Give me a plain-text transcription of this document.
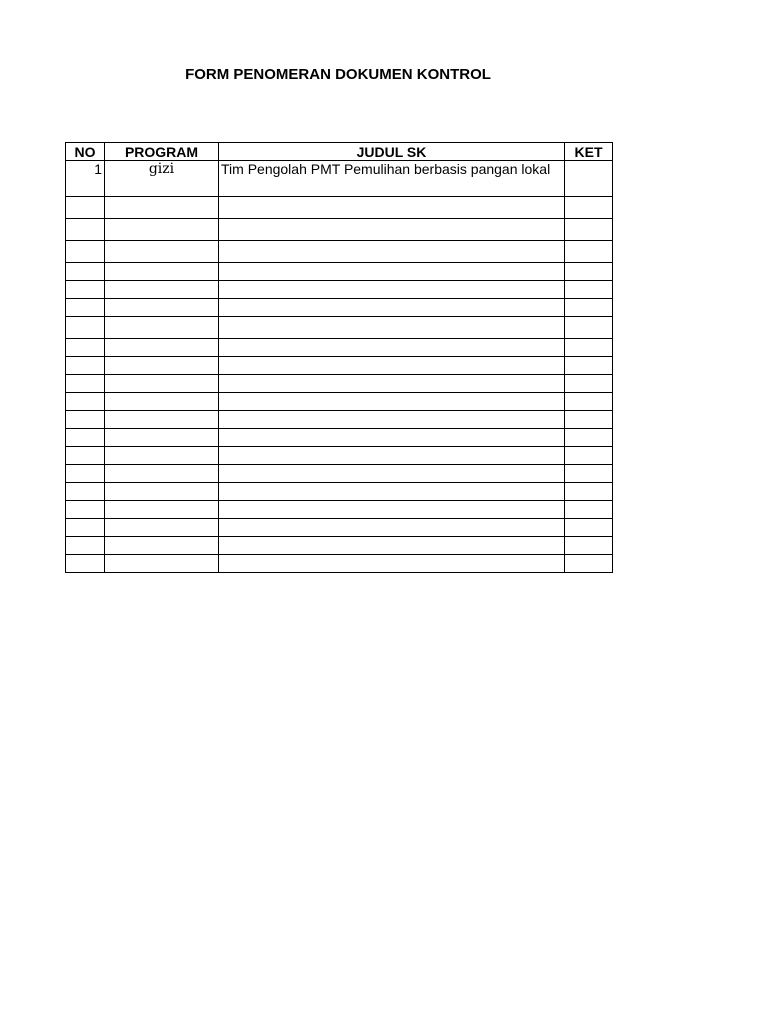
FORM PENOMERAN DOKUMEN KONTROL
NO	PROGRAM	JUDUL SK	KET
1	gizi	Tim Pengolah PMT Pemulihan berbasis pangan lokal	
